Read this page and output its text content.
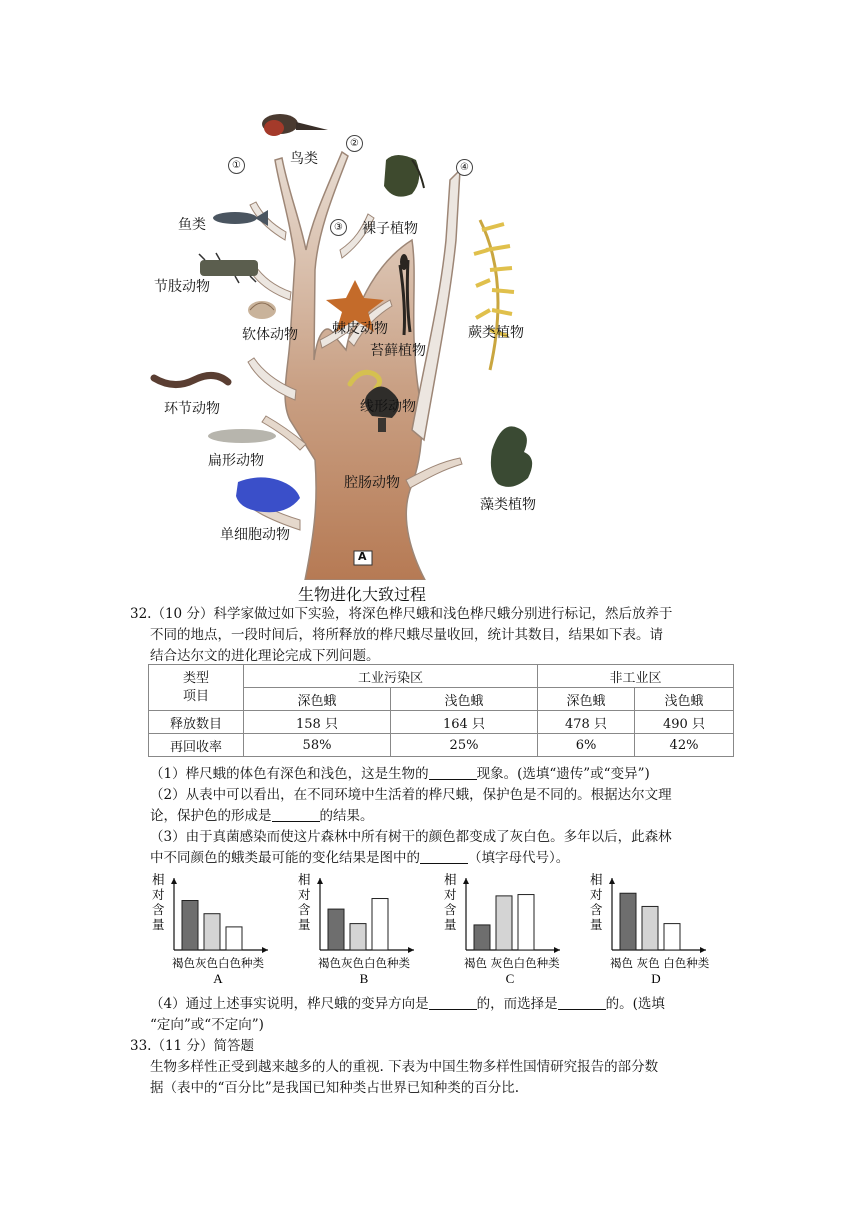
鸟类
鱼类
节肢动物
软体动物
环节动物
扁形动物
单细胞动物
棘皮动物
线形动物
腔肠动物
裸子植物
苔藓植物
蕨类植物
藻类植物
①
②
③
④
A
生物进化大致过程
32.（10 分）科学家做过如下实验，将深色桦尺蛾和浅色桦尺蛾分别进行标记，然后放养于
不同的地点，一段时间后，将所释放的桦尺蛾尽量收回，统计其数目，结果如下表。请
结合达尔文的进化理论完成下列问题。
类型
项目	工业污染区		非工业区	
	深色蛾	浅色蛾	深色蛾	浅色蛾
释放数目	158 只	164 只	478 只	490 只
再回收率	58%	25%	6%	42%
（1）桦尺蛾的体色有深色和浅色，这是生物的	现象。(选填“遗传”或“变异”)
（2）从表中可以看出，在不同环境中生活着的桦尺蛾，保护色是不同的。根据达尔文理
论，保护色的形成是	的结果。
（3）由于真菌感染而使这片森林中所有树干的颜色都变成了灰白色。多年以后，此森林
中不同颜色的蛾类最可能的变化结果是图中的	（填字母代号）。
相
对
含
量
褐色灰色白色种类
A
相
对
含
量
褐色灰色白色种类
B
相
对
含
量
褐色 灰色白色种类
C
相
对
含
量
褐色 灰色 白色种类
D
（4）通过上述事实说明，桦尺蛾的变异方向是	的，而选择是	的。(选填
“定向”或“不定向”)
33.（11 分）简答题
生物多样性正受到越来越多的人的重视. 下表为中国生物多样性国情研究报告的部分数
据（表中的“百分比”是我国已知种类占世界已知种类的百分比.
